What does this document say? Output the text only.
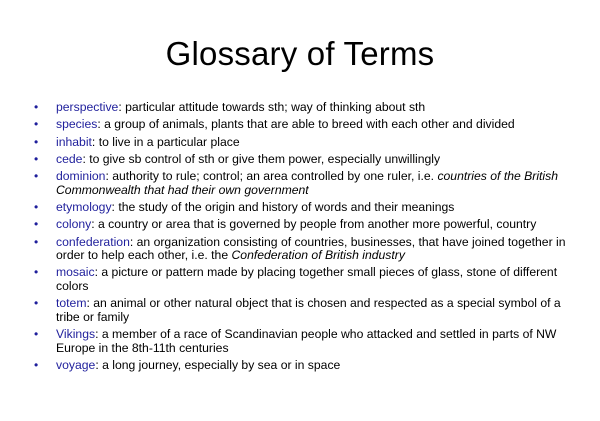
Glossary of Terms
• perspective: particular attitude towards sth; way of thinking about sth
• species: a group of animals, plants that are able to breed with each other and divided
• inhabit: to live in a particular place
• cede: to give sb control of sth or give them power, especially unwillingly
• dominion: authority to rule; control; an area controlled by one ruler, i.e. countries of the British Commonwealth that had their own government
• etymology: the study of the origin and history of words and their meanings
• colony: a country or area that is governed by people from another more powerful, country
• confederation: an organization consisting of countries, businesses, that have joined together in order to help each other, i.e. the Confederation of British industry
• mosaic: a picture or pattern made by placing together small pieces of glass, stone of different colors
• totem: an animal or other natural object that is chosen and respected as a special symbol of a tribe or family
• Vikings: a member of a race of Scandinavian people who attacked and settled in parts of NW Europe in the 8th-11th centuries
• voyage: a long journey, especially by sea or in space
